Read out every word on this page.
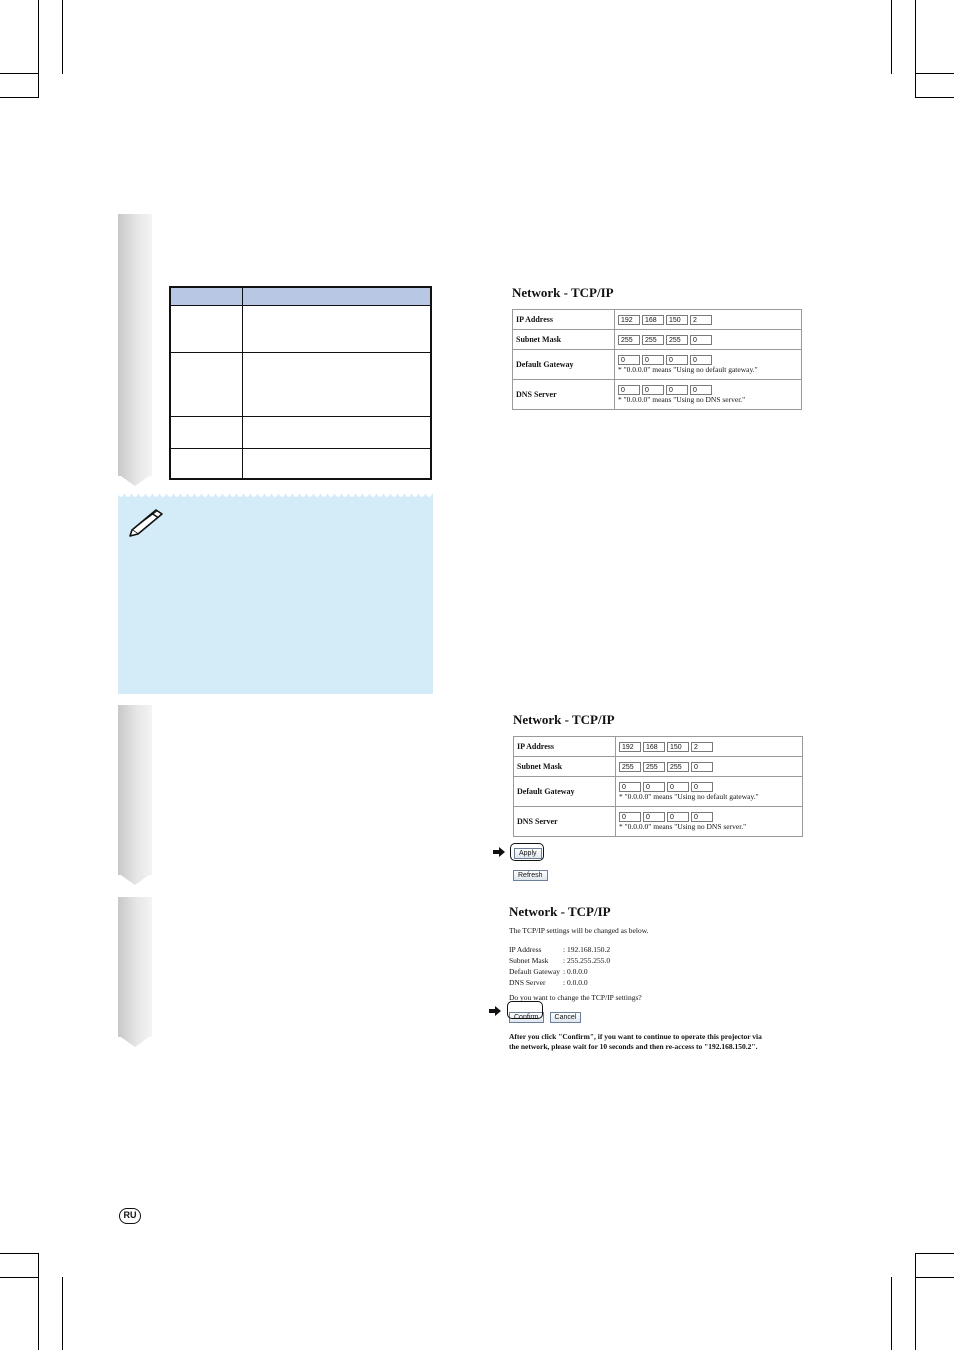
Network - TCP/IP
IP Address	192 168 150 2
Subnet Mask	255 255 255 0
Default Gateway	0 0 0 0
* "0.0.0.0" means "Using no default gateway."

DNS Server	0 0 0 0
* "0.0.0.0" means "Using no DNS server."
Network - TCP/IP
IP Address	192 168 150 2
Subnet Mask	255 255 255 0
Default Gateway	0 0 0 0
* "0.0.0.0" means "Using no default gateway."

DNS Server	0 0 0 0
* "0.0.0.0" means "Using no DNS server."
Apply
Refresh
Network - TCP/IP
The TCP/IP settings will be changed as below.
IP Address	: 192.168.150.2
Subnet Mask : 255.255.255.0
Default Gateway : 0.0.0.0
DNS Server : 0.0.0.0
Do you want to change the TCP/IP settings?
Confirm Cancel
After you click "Confirm", if you want to continue to operate this projector via
the network, please wait for 10 seconds and then re-access to "192.168.150.2".
RU
